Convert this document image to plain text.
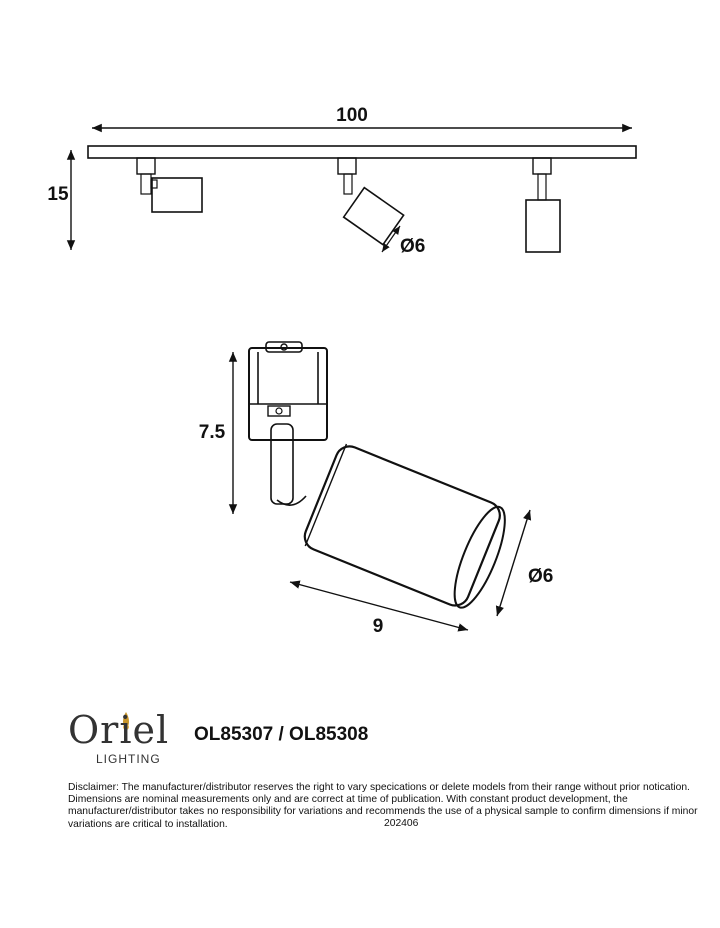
100
15
Ø6
7.5
9
Ø6
Oriel
LIGHTING
OL85307 / OL85308
Disclaimer: The manufacturer/distributor reserves the right to vary specications or delete models from their range without prior notication.
Dimensions are nominal measurements only and are correct at time of publication. With constant product development, the
manufacturer/distributor takes no responsibility for variations and recommends the use of a physical sample to confirm dimensions if minor
variations are critical to installation.	202406
